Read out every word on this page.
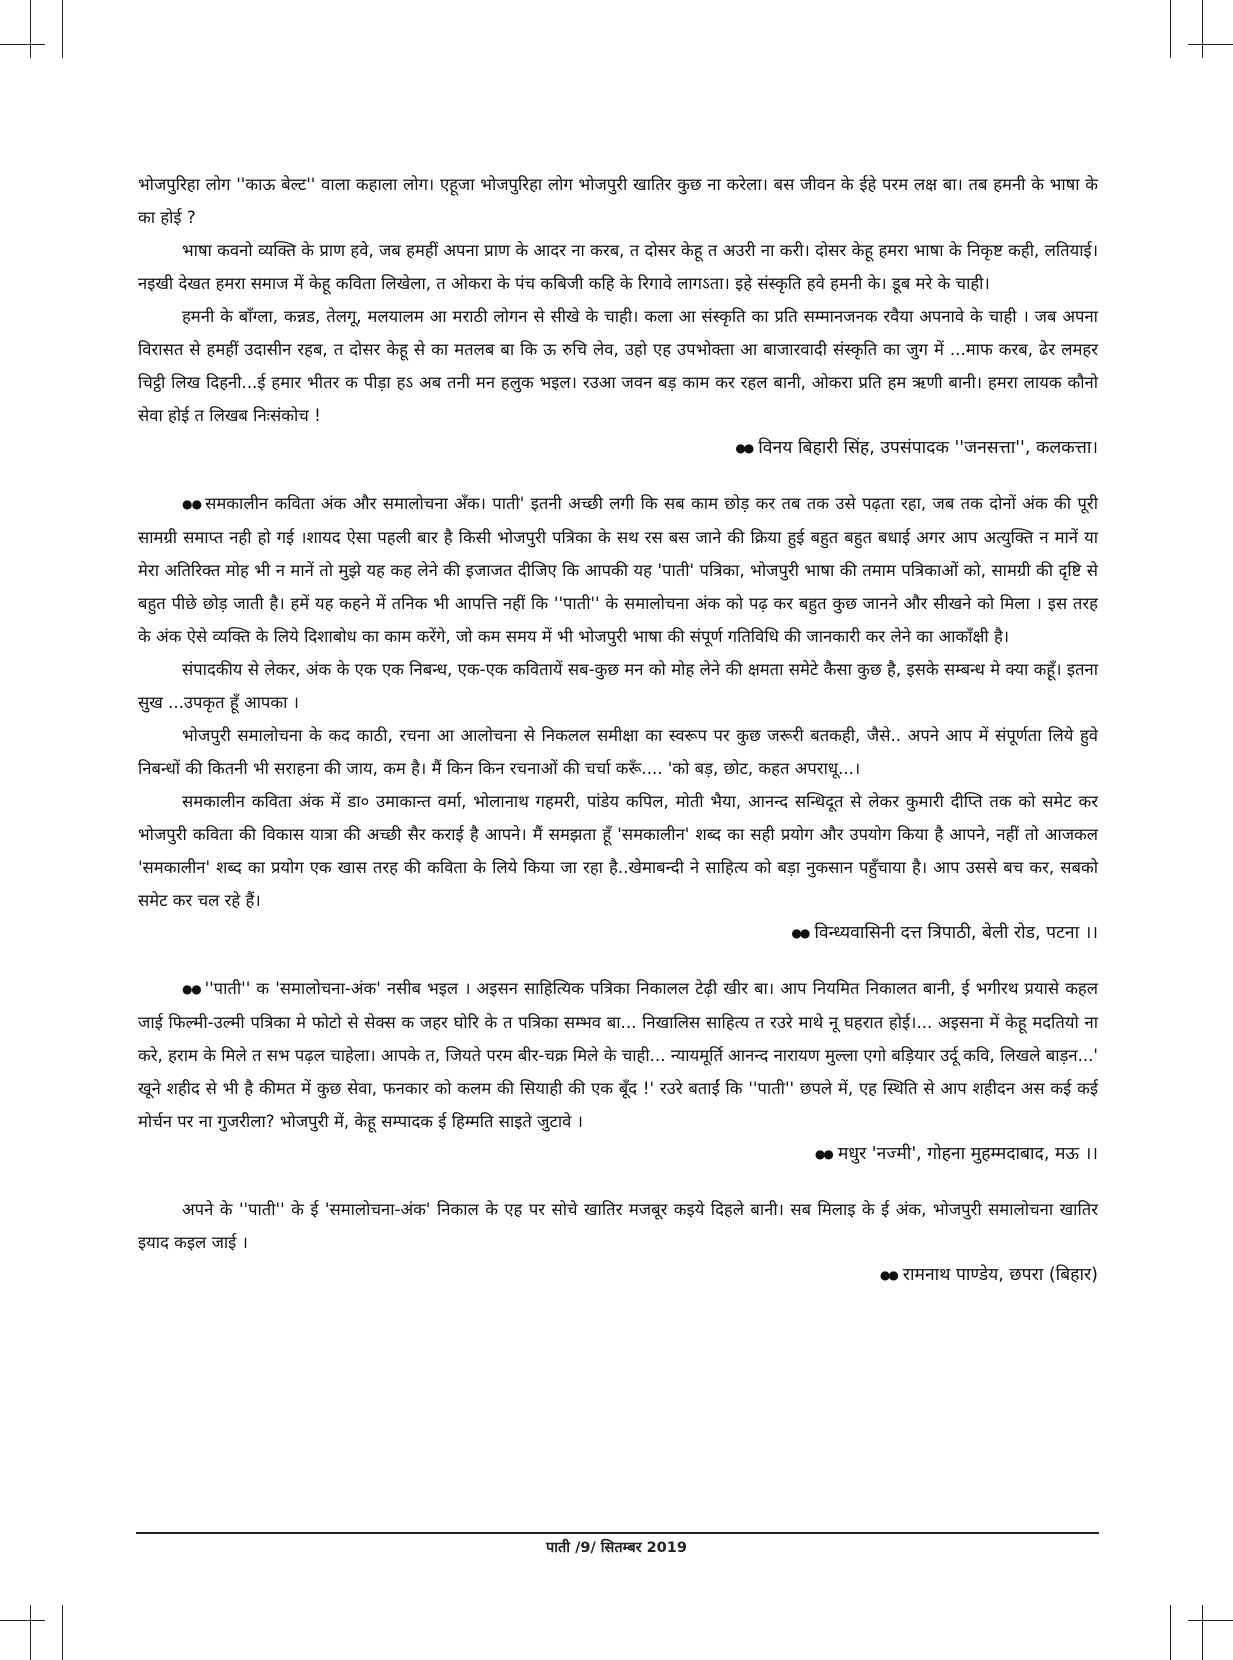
भोजपुरिहा लोग ''काऊ बेल्ट'' वाला कहाला लोग। एहूजा भोजपुरिहा लोग भोजपुरी खातिर कुछ ना करेला। बस जीवन के ईहे परम लक्ष बा। तब हमनी के भाषा के का होई ?

भाषा कवनो व्यक्ति के प्राण हवे, जब हमहीं अपना प्राण के आदर ना करब, त दोसर केहू त अउरी ना करी। दोसर केहू हमरा भाषा के निकृष्ट कही, लतियाई। नइखी देखत हमरा समाज में केहू कविता लिखेला, त ओकरा के पंच कबिजी कहि के रिगावे लागऽता। इहे संस्कृति हवे हमनी के। डूब मरे के चाही।

हमनी के बाँग्ला, कन्नड, तेलगू, मलयालम आ मराठी लोगन से सीखे के चाही। कला आ संस्कृति का प्रति सम्मानजनक रवैया अपनावे के चाही । जब अपना विरासत से हमहीं उदासीन रहब, त दोसर केहू से का मतलब बा कि ऊ रुचि लेव, उहो एह उपभोक्ता आ बाजारवादी संस्कृति का जुग में ...माफ करब, ढेर लमहर चिट्ठी लिख दिहनी...ई हमार भीतर क पीड़ा हऽ अब तनी मन हलुक भइल। रउआ जवन बड़ काम कर रहल बानी, ओकरा प्रति हम ऋणी बानी। हमरा लायक कौनो सेवा होई त लिखब निःसंकोच !

●● विनय बिहारी सिंह, उपसंपादक ''जनसत्ता'', कलकत्ता।

●● समकालीन कविता अंक और समालोचना अँक। पाती' इतनी अच्छी लगी कि सब काम छोड़ कर तब तक उसे पढ़ता रहा, जब तक दोनों अंक की पूरी सामग्री समाप्त नही हो गई ।शायद ऐसा पहली बार है किसी भोजपुरी पत्रिका के सथ रस बस जाने की क्रिया हुई बहुत बहुत बधाई अगर आप अत्युक्ति न मानें या मेरा अतिरिक्त मोह भी न मानें तो मुझे यह कह लेने की इजाजत दीजिए कि आपकी यह 'पाती' पत्रिका, भोजपुरी भाषा की तमाम पत्रिकाओं को, सामग्री की दृष्टि से बहुत पीछे छोड़ जाती है। हमें यह कहने में तनिक भी आपत्ति नहीं कि ''पाती'' के समालोचना अंक को पढ़ कर बहुत कुछ जानने और सीखने को मिला । इस तरह के अंक ऐसे व्यक्ति के लिये दिशाबोध का काम करेंगे, जो कम समय में भी भोजपुरी भाषा की संपूर्ण गतिविधि की जानकारी कर लेने का आकाँक्षी है।

संपादकीय से लेकर, अंक के एक एक निबन्ध, एक-एक कवितायें सब-कुछ मन को मोह लेने की क्षमता समेटे कैसा कुछ है, इसके सम्बन्ध मे क्या कहूँ। इतना सुख ...उपकृत हूँ आपका ।

भोजपुरी समालोचना के कद काठी, रचना आ आलोचना से निकलल समीक्षा का स्वरूप पर कुछ जरूरी बतकही, जैसे.. अपने आप में संपूर्णता लिये हुवे निबन्धों की कितनी भी सराहना की जाय, कम है। मैं किन किन रचनाओं की चर्चा करूँ.... 'को बड़, छोट, कहत अपराधू...।

समकालीन कविता अंक में डा० उमाकान्त वर्मा, भोलानाथ गहमरी, पांडेय कपिल, मोती भैया, आनन्द सन्धिदूत से लेकर कुमारी दीप्ति तक को समेट कर भोजपुरी कविता की विकास यात्रा की अच्छी सैर कराई है आपने। मैं समझता हूँ 'समकालीन' शब्द का सही प्रयोग और उपयोग किया है आपने, नहीं तो आजकल 'समकालीन' शब्द का प्रयोग एक खास तरह की कविता के लिये किया जा रहा है..खेमाबन्दी ने साहित्य को बड़ा नुकसान पहुँचाया है। आप उससे बच कर, सबको समेट कर चल रहे हैं।

●● विन्ध्यवासिनी दत्त त्रिपाठी, बेली रोड, पटना ।।

●● ''पाती'' क 'समालोचना-अंक' नसीब भइल । अइसन साहित्यिक पत्रिका निकालल टेढ़ी खीर बा। आप नियमित निकालत बानी, ई भगीरथ प्रयासे कहल जाई फिल्मी-उल्मी पत्रिका मे फोटो से सेक्स क जहर घोरि के त पत्रिका सम्भव बा... निखालिस साहित्य त रउरे माथे नू घहरात होई।... अइसना में केहू मदतियो ना करे, हराम के मिले त सभ पढ़ल चाहेला। आपके त, जियते परम बीर-चक्र मिले के चाही... न्यायमूर्ति आनन्द नारायण मुल्ला एगो बड़ियार उर्दू कवि, लिखले बाड़न...' खूने शहीद से भी है कीमत में कुछ सेवा, फनकार को कलम की सियाही की एक बूँद !' रउरे बताईं कि ''पाती'' छपले में, एह स्थिति से आप शहीदन अस कई कई मोर्चन पर ना गुजरीला? भोजपुरी में, केहू सम्पादक ई हिम्मति साइते जुटावे ।

●● मधुर 'नज्मी', गोहना मुहम्मदाबाद, मऊ ।।

अपने के ''पाती'' के ई 'समालोचना-अंक' निकाल के एह पर सोचे खातिर मजबूर कइये दिहले बानी। सब मिलाइ के ई अंक, भोजपुरी समालोचना खातिर इयाद कइल जाई ।

●● रामनाथ पाण्डेय, छपरा (बिहार)

पाती /9/ सितम्बर 2019
